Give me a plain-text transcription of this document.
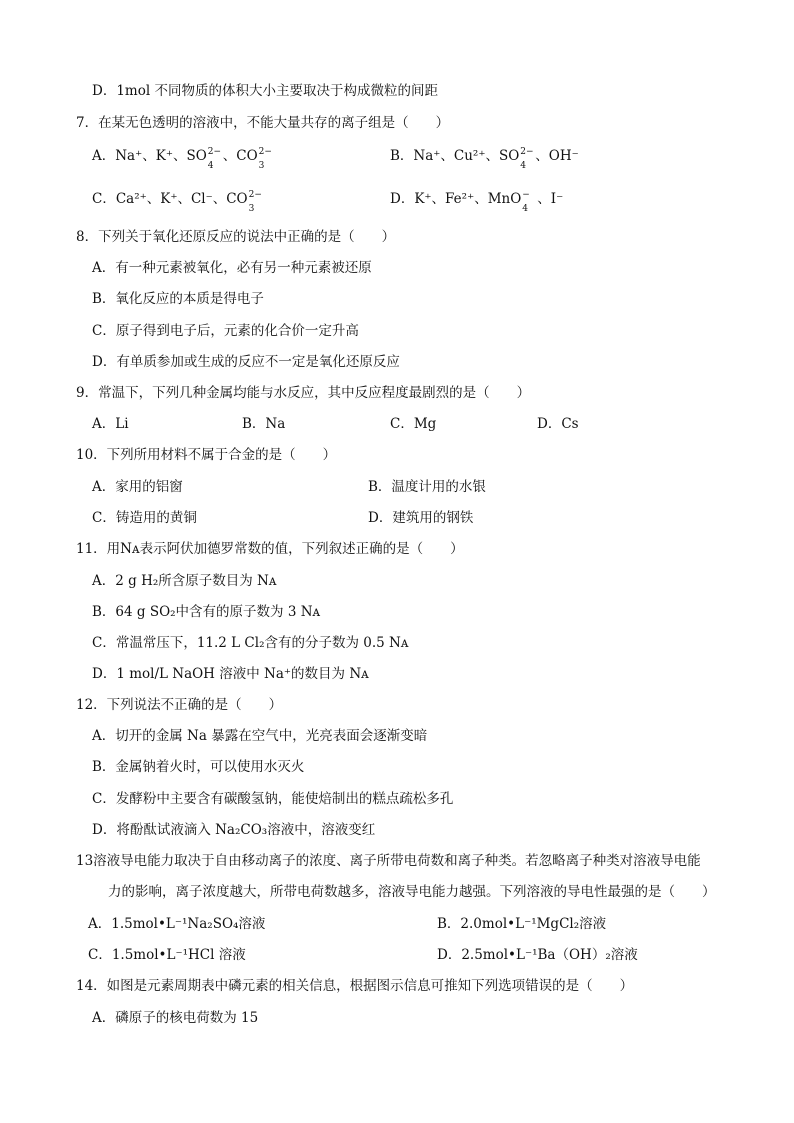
D．1mol 不同物质的体积大小主要取决于构成微粒的间距
7．在某无色透明的溶液中，不能大量共存的离子组是（　　）
A．Na⁺、K⁺、SO 2−
4
、CO 2−
3
B．Na⁺、Cu²⁺、SO 2−
4
、OH⁻
C．Ca²⁺、K⁺、Cl⁻、CO 2−
3
D．K⁺、Fe²⁺、MnO −
4
、I⁻
8．下列关于氧化还原反应的说法中正确的是（　　）
A．有一种元素被氧化，必有另一种元素被还原
B．氧化反应的本质是得电子
C．原子得到电子后，元素的化合价一定升高
D．有单质参加或生成的反应不一定是氧化还原反应
9．常温下，下列几种金属均能与水反应，其中反应程度最剧烈的是（　　）
A．Li	B．Na	C．Mg	D．Cs
10．下列所用材料不属于合金的是（　　）
A．家用的铝窗	B．温度计用的水银
C．铸造用的黄铜	D．建筑用的钢铁
11．用Nᴀ表示阿伏加德罗常数的值，下列叙述正确的是（　　）
A．2 g H₂所含原子数目为 Nᴀ
B．64 g SO₂中含有的原子数为 3 Nᴀ
C．常温常压下，11.2 L Cl₂含有的分子数为 0.5 Nᴀ
D．1 mol/L NaOH 溶液中 Na⁺的数目为 Nᴀ
12．下列说法不正确的是（　　）
A．切开的金属 Na 暴露在空气中，光亮表面会逐渐变暗
B．金属钠着火时，可以使用水灭火
C．发酵粉中主要含有碳酸氢钠，能使焙制出的糕点疏松多孔
D．将酚酞试液滴入 Na₂CO₃溶液中，溶液变红
13溶液导电能力取决于自由移动离子的浓度、离子所带电荷数和离子种类。若忽略离子种类对溶液导电能
力的影响，离子浓度越大，所带电荷数越多，溶液导电能力越强。下列溶液的导电性最强的是（　　）
A．1.5mol•L⁻¹Na₂SO₄溶液	B．2.0mol•L⁻¹MgCl₂溶液
C．1.5mol•L⁻¹HCl 溶液	D．2.5mol•L⁻¹Ba（OH）₂溶液
14．如图是元素周期表中磷元素的相关信息，根据图示信息可推知下列选项错误的是（　　）
A．磷原子的核电荷数为 15
